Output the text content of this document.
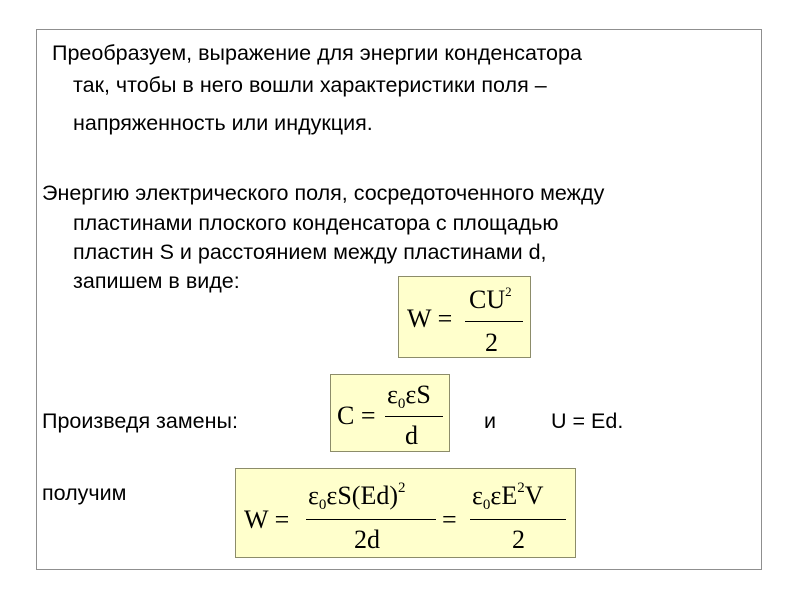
Преобразуем, выражение для энергии конденсатора
так, чтобы в него вошли характеристики поля –
напряженность или индукция.
Энергию электрического поля, сосредоточенного между
пластинами плоского конденсатора с площадью
пластин S и расстоянием между пластинами d,
запишем в виде:
W =
$CU^2$
2
Произведя замены:	C =
ε0εS
d	и	U = Ed.
получим
W =
$\varepsilon 0\varepsilon S(Ed)^2$
2d
=
$\varepsilon 0\varepsilon E^2V$
2
